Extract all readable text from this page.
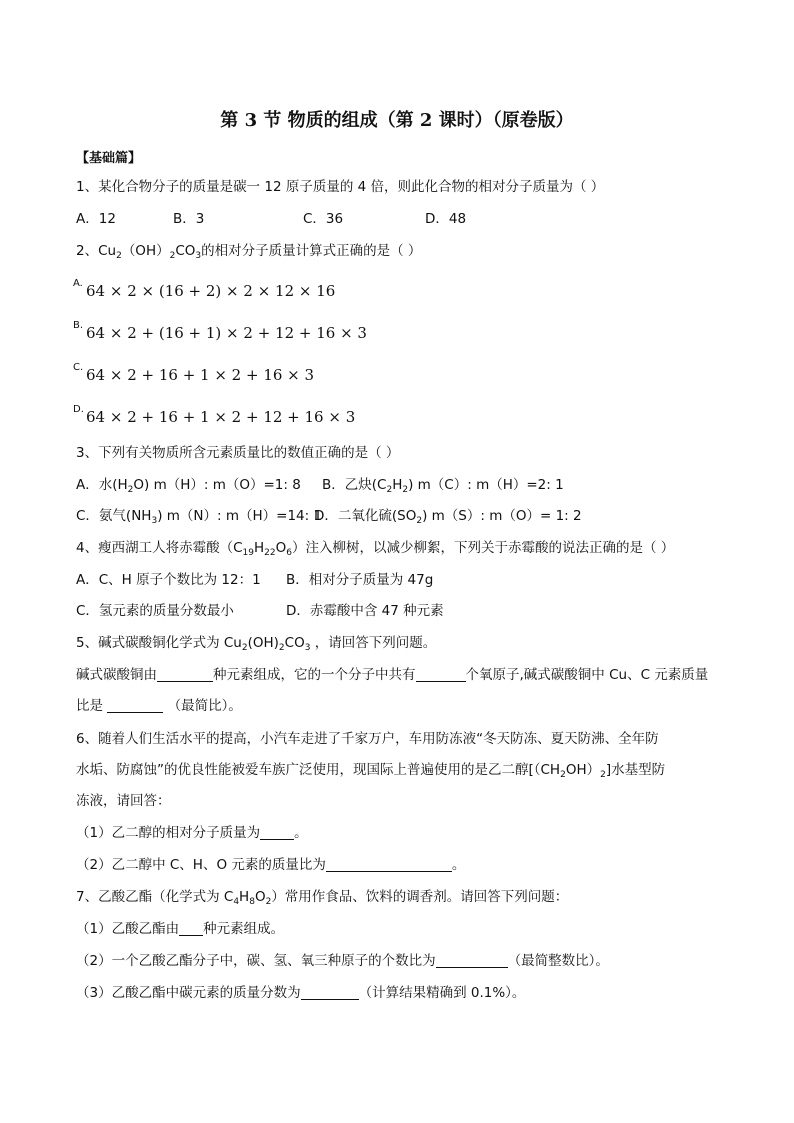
第 3 节 物质的组成（第 2 课时）（原卷版）
【基础篇】
1、某化合物分子的质量是碳一 12 原子质量的 4 倍，则此化合物的相对分子质量为（ ）
A．12	B．3	C．36	D．48
2、$Cu_2(OH)_2CO_3$的相对分子质量计算式正确的是（ ）
A. 64 × 2 × (16 + 2) × 2 × 12 × 16
B. 64 × 2 + (16 + 1) × 2 + 12 + 16 × 3
C. 64 × 2 + 16 + 1 × 2 + 16 × 3
D. 64 × 2 + 16 + 1 × 2 + 12 + 16 × 3
3、下列有关物质所含元素质量比的数值正确的是（ ）
A．水$(H_2O)$ m（H）: m（O）=1: 8 B．乙炔$(C_2H_2)$ m（C）: m（H）=2: 1
C．氨气$(NH_3)$ m（N）: m（H）=14: 1D．二氧化硫$(SO_2)$ m（S）: m（O）= 1: 2
4、瘦西湖工人将赤霉酸$(C_{19}H_{22}O_6)$注入柳树，以减少柳絮，下列关于赤霉酸的说法正确的是（ ）
A．C、H 原子个数比为 12：1 B．相对分子质量为 47g
C．氢元素的质量分数最小	D．赤霉酸中含 47 种元素
5、碱式碳酸铜化学式为 $Cu_2(OH)_2CO_3$ ，请回答下列问题。
碱式碳酸铜由	种元素组成，它的一个分子中共有	个氧原子,碱式碳酸铜中 Cu、C 元素质量
比是	（最简比）。
6、随着人们生活水平的提高，小汽车走进了千家万户，车用防冻液“冬天防冻、夏天防沸、全年防
水垢、防腐蚀”的优良性能被爱车族广泛使用，现国际上普遍使用的是乙二醇$[(CH_2OH)_2]$水基型防
冻液，请回答：
（1）乙二醇的相对分子质量为	。
（2）乙二醇中 C、H、O 元素的质量比为	。
7、乙酸乙酯（化学式为 $C_4H_8O_2$）常用作食品、饮料的调香剂。请回答下列问题：
（1）乙酸乙酯由 种元素组成。
（2）一个乙酸乙酯分子中，碳、氢、氧三种原子的个数比为	（最简整数比）。
（3）乙酸乙酯中碳元素的质量分数为	（计算结果精确到 0.1%）。
